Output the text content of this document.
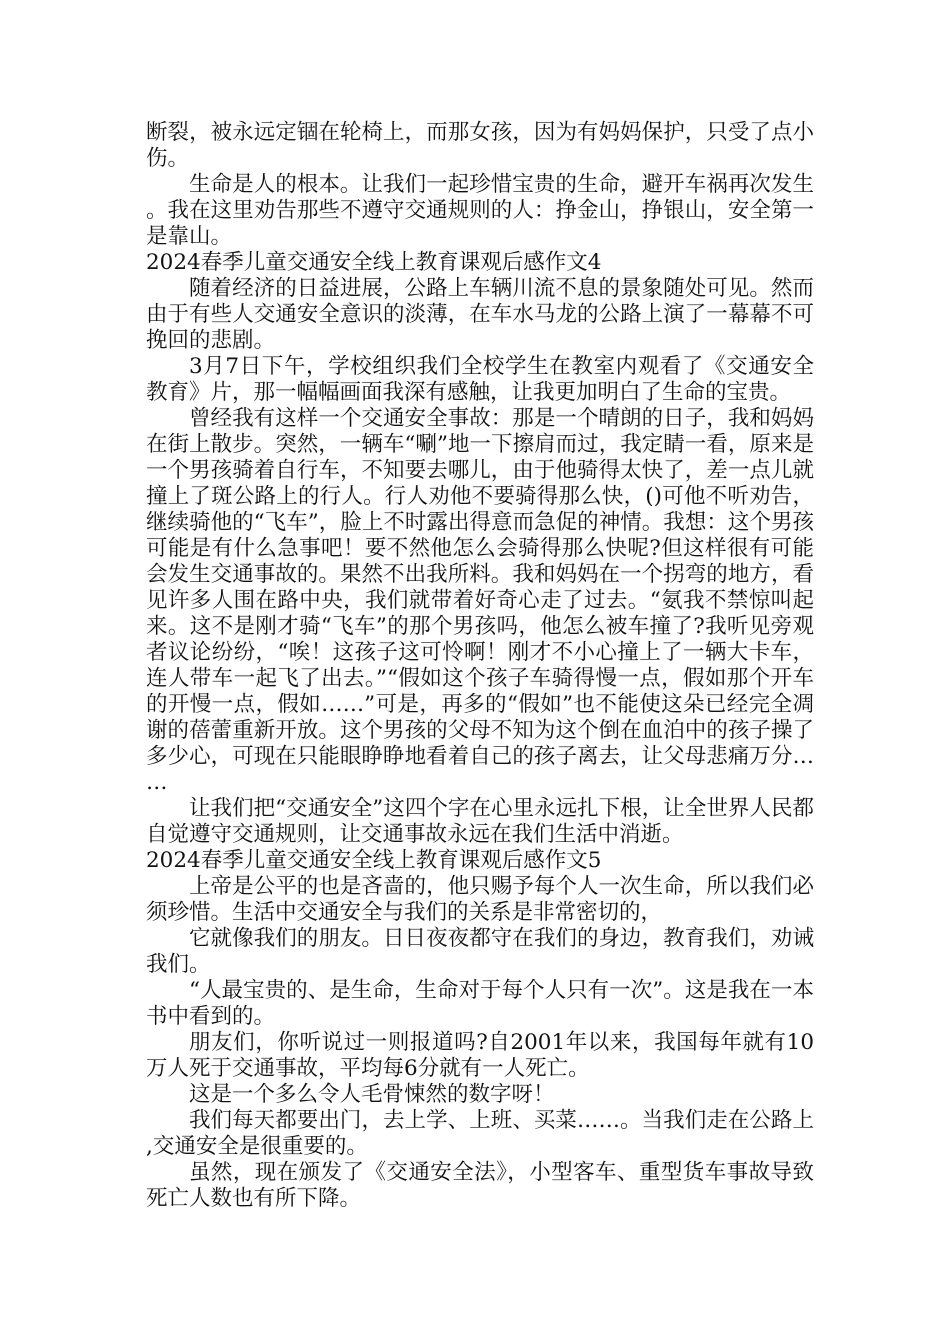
断裂，被永远定锢在轮椅上，而那女孩，因为有妈妈保护，只受了点小伤。

生命是人的根本。让我们一起珍惜宝贵的生命，避开车祸再次发生。我在这里劝告那些不遵守交通规则的人：挣金山，挣银山，安全第一是靠山。

2024春季儿童交通安全线上教育课观后感作文4

随着经济的日益进展，公路上车辆川流不息的景象随处可见。然而由于有些人交通安全意识的淡薄，在车水马龙的公路上演了一幕幕不可挽回的悲剧。

3月7日下午，学校组织我们全校学生在教室内观看了《交通安全教育》片，那一幅幅画面我深有感触，让我更加明白了生命的宝贵。

曾经我有这样一个交通安全事故：那是一个晴朗的日子，我和妈妈在街上散步。突然，一辆车“唰”地一下擦肩而过，我定睛一看，原来是一个男孩骑着自行车，不知要去哪儿，由于他骑得太快了，差一点儿就撞上了斑公路上的行人。行人劝他不要骑得那么快，()可他不听劝告，继续骑他的“飞车”，脸上不时露出得意而急促的神情。我想：这个男孩可能是有什么急事吧！要不然他怎么会骑得那么快呢?但这样很有可能会发生交通事故的。果然不出我所料。我和妈妈在一个拐弯的地方，看见许多人围在路中央，我们就带着好奇心走了过去。“氨我不禁惊叫起来。这不是刚才骑“飞车”的那个男孩吗，他怎么被车撞了?我听见旁观者议论纷纷，“唉！这孩子这可怜啊！刚才不小心撞上了一辆大卡车，连人带车一起飞了出去。”“假如这个孩子车骑得慢一点，假如那个开车的开慢一点，假如……”可是，再多的“假如”也不能使这朵已经完全凋谢的蓓蕾重新开放。这个男孩的父母不知为这个倒在血泊中的孩子操了多少心，可现在只能眼睁睁地看着自己的孩子离去，让父母悲痛万分……

让我们把“交通安全”这四个字在心里永远扎下根，让全世界人民都自觉遵守交通规则，让交通事故永远在我们生活中消逝。

2024春季儿童交通安全线上教育课观后感作文5

上帝是公平的也是吝啬的，他只赐予每个人一次生命，所以我们必须珍惜。生活中交通安全与我们的关系是非常密切的，

它就像我们的朋友。日日夜夜都守在我们的身边，教育我们，劝诫我们。

“人最宝贵的、是生命，生命对于每个人只有一次”。这是我在一本书中看到的。

朋友们，你听说过一则报道吗?自2001年以来，我国每年就有10万人死于交通事故，平均每6分就有一人死亡。

这是一个多么令人毛骨悚然的数字呀！

我们每天都要出门，去上学、上班、买菜……。当我们走在公路上,交通安全是很重要的。

虽然，现在颁发了《交通安全法》，小型客车、重型货车事故导致死亡人数也有所下降。
